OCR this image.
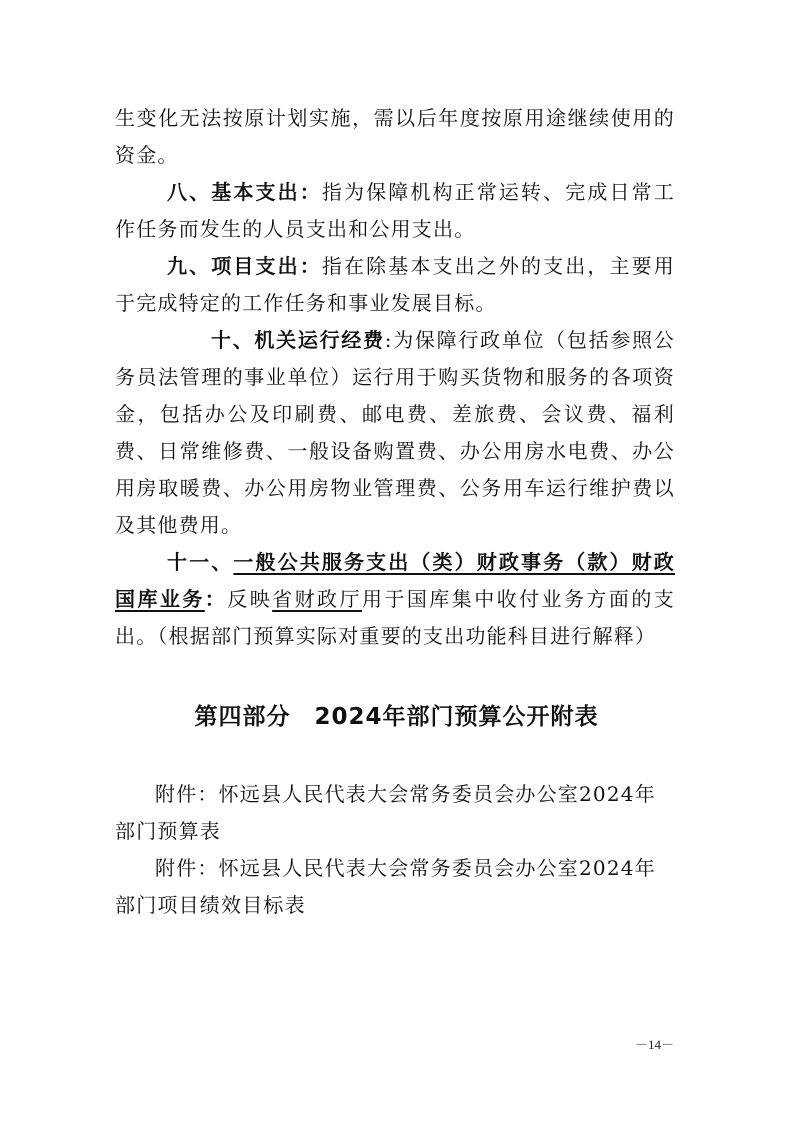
生变化无法按原计划实施，需以后年度按原用途继续使用的资金。

八、基本支出：指为保障机构正常运转、完成日常工作任务而发生的人员支出和公用支出。

九、项目支出：指在除基本支出之外的支出，主要用于完成特定的工作任务和事业发展目标。

十、机关运行经费:为保障行政单位（包括参照公务员法管理的事业单位）运行用于购买货物和服务的各项资金，包括办公及印刷费、邮电费、差旅费、会议费、福利费、日常维修费、一般设备购置费、办公用房水电费、办公用房取暖费、办公用房物业管理费、公务用车运行维护费以及其他费用。

十一、一般公共服务支出（类）财政事务（款）财政国库业务：反映省财政厅用于国库集中收付业务方面的支出。（根据部门预算实际对重要的支出功能科目进行解释）

第四部分　2024年部门预算公开附表

附件：怀远县人民代表大会常务委员会办公室2024年部门预算表

附件：怀远县人民代表大会常务委员会办公室2024年部门项目绩效目标表

－14－
